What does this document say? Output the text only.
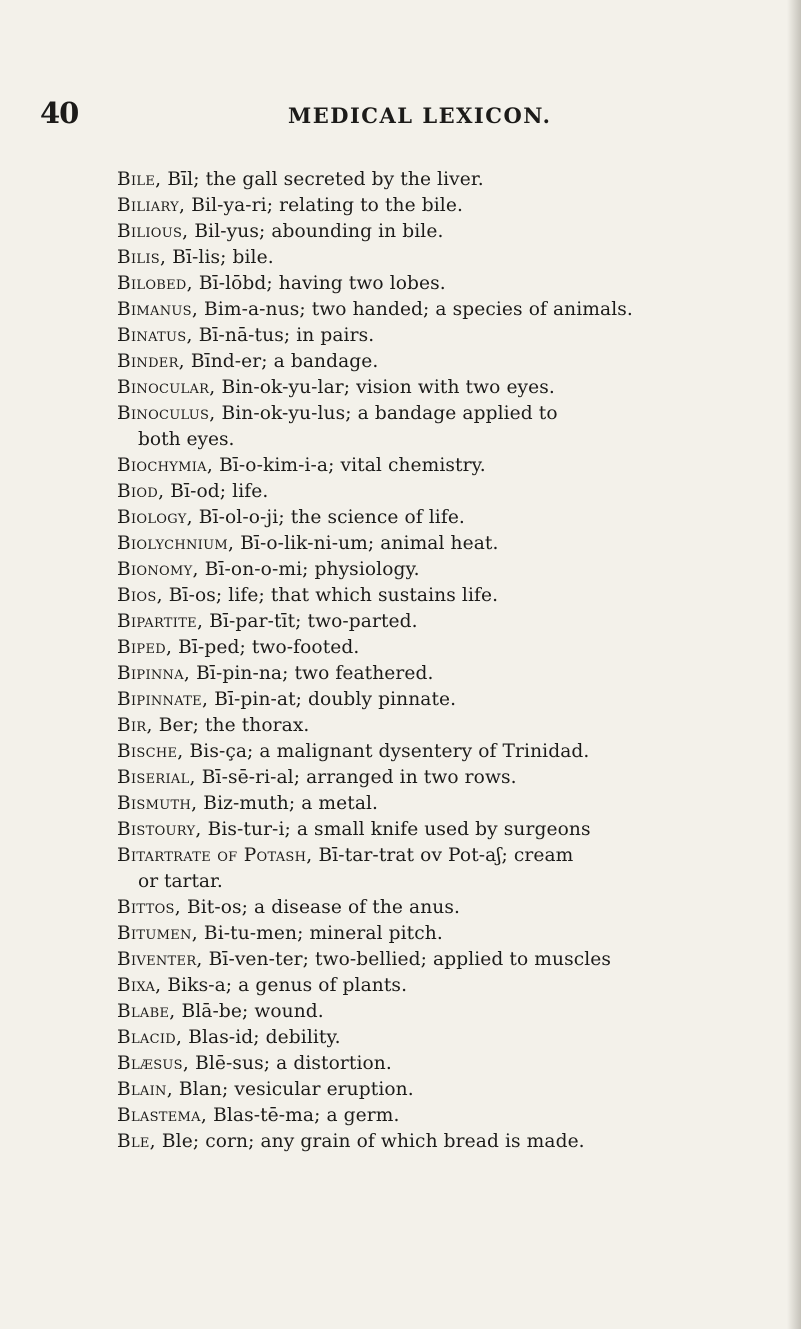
40	MEDICAL LEXICON.
Bile, Bīl; the gall secreted by the liver.
Biliary, Bil-ya-ri; relating to the bile.
Bilious, Bil-yus; abounding in bile.
Bilis, Bī-lis; bile.
Bilobed, Bī-lōbd; having two lobes.
Bimanus, Bim-a-nus; two handed; a species of animals.
Binatus, Bī-nā-tus; in pairs.
Binder, Bīnd-er; a bandage.
Binocular, Bin-ok-yu-lar; vision with two eyes.
Binoculus, Bin-ok-yu-lus; a bandage applied to
both eyes.
Biochymia, Bī-o-kim-i-a; vital chemistry.
Biod, Bī-od; life.
Biology, Bī-ol-o-ji; the science of life.
Biolychnium, Bī-o-lik-ni-um; animal heat.
Bionomy, Bī-on-o-mi; physiology.
Bios, Bī-os; life; that which sustains life.
Bipartite, Bī-par-tīt; two-parted.
Biped, Bī-ped; two-footed.
Bipinna, Bī-pin-na; two feathered.
Bipinnate, Bī-pin-at; doubly pinnate.
Bir, Ber; the thorax.
Bische, Bis-ça; a malignant dysentery of Trinidad.
Biserial, Bī-sē-ri-al; arranged in two rows.
Bismuth, Biz-muth; a metal.
Bistoury, Bis-tur-i; a small knife used by surgeons
Bitartrate of Potash, Bī-tar-trat ov Pot-aʃ; cream
or tartar.
Bittos, Bit-os; a disease of the anus.
Bitumen, Bi-tu-men; mineral pitch.
Biventer, Bī-ven-ter; two-bellied; applied to muscles
Bixa, Biks-a; a genus of plants.
Blabe, Blā-be; wound.
Blacid, Blas-id; debility.
Blæsus, Blē-sus; a distortion.
Blain, Blan; vesicular eruption.
Blastema, Blas-tē-ma; a germ.
Ble, Ble; corn; any grain of which bread is made.
